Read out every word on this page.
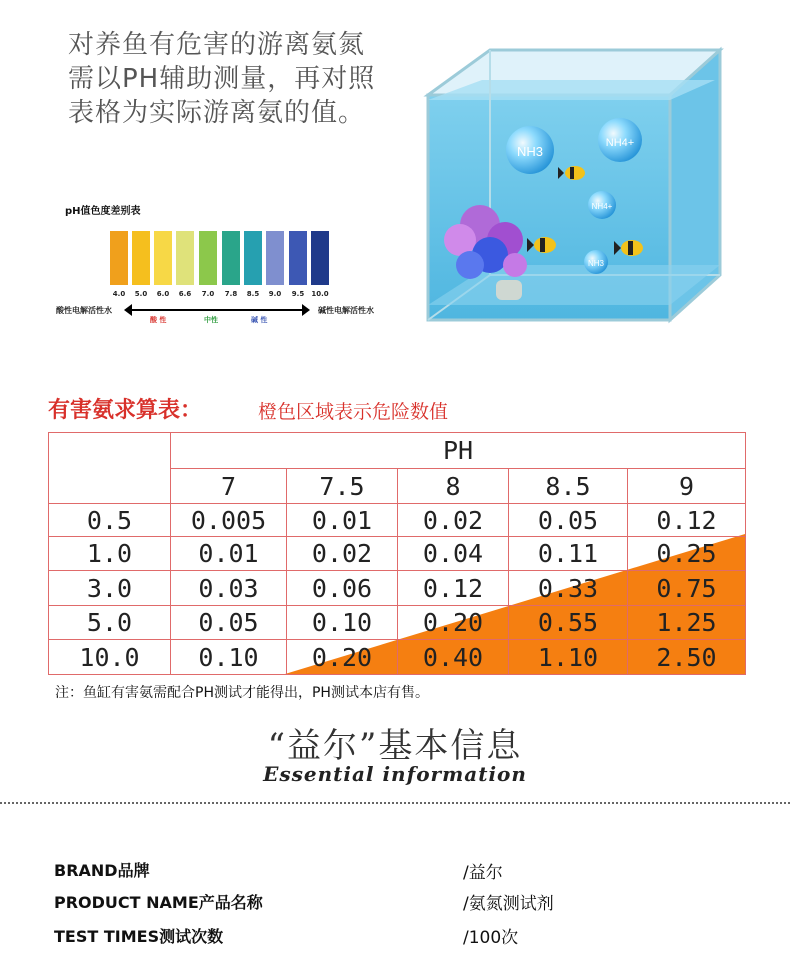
对养鱼有危害的游离氨氮
需以PH辅助测量，再对照
表格为实际游离氨的值。
pH值色度差别表
4.0	5.0	6.0	6.6	7.0	7.8	8.5	9.0	9.5	10.0
酸性电解活性水	碱性电解活性水
酸 性	中性	碱 性
NH3
NH4+
NH4+
NH3
有害氨求算表：	橙色区域表示危险数值
	PH				
	7	7.5	8	8.5	9
0.5	0.005	0.01	0.02	0.05	0.12
1.0	0.01	0.02	0.04	0.11	0.25
3.0	0.03	0.06	0.12	0.33	0.75
5.0	0.05	0.10	0.20	0.55	1.25
10.0	0.10	0.20	0.40	1.10	2.50
注：鱼缸有害氨需配合PH测试才能得出，PH测试本店有售。
“益尔”基本信息
Essential information
BRAND品牌	/益尔
PRODUCT NAME产品名称	/氨氮测试剂
TEST TIMES测试次数	/100次
